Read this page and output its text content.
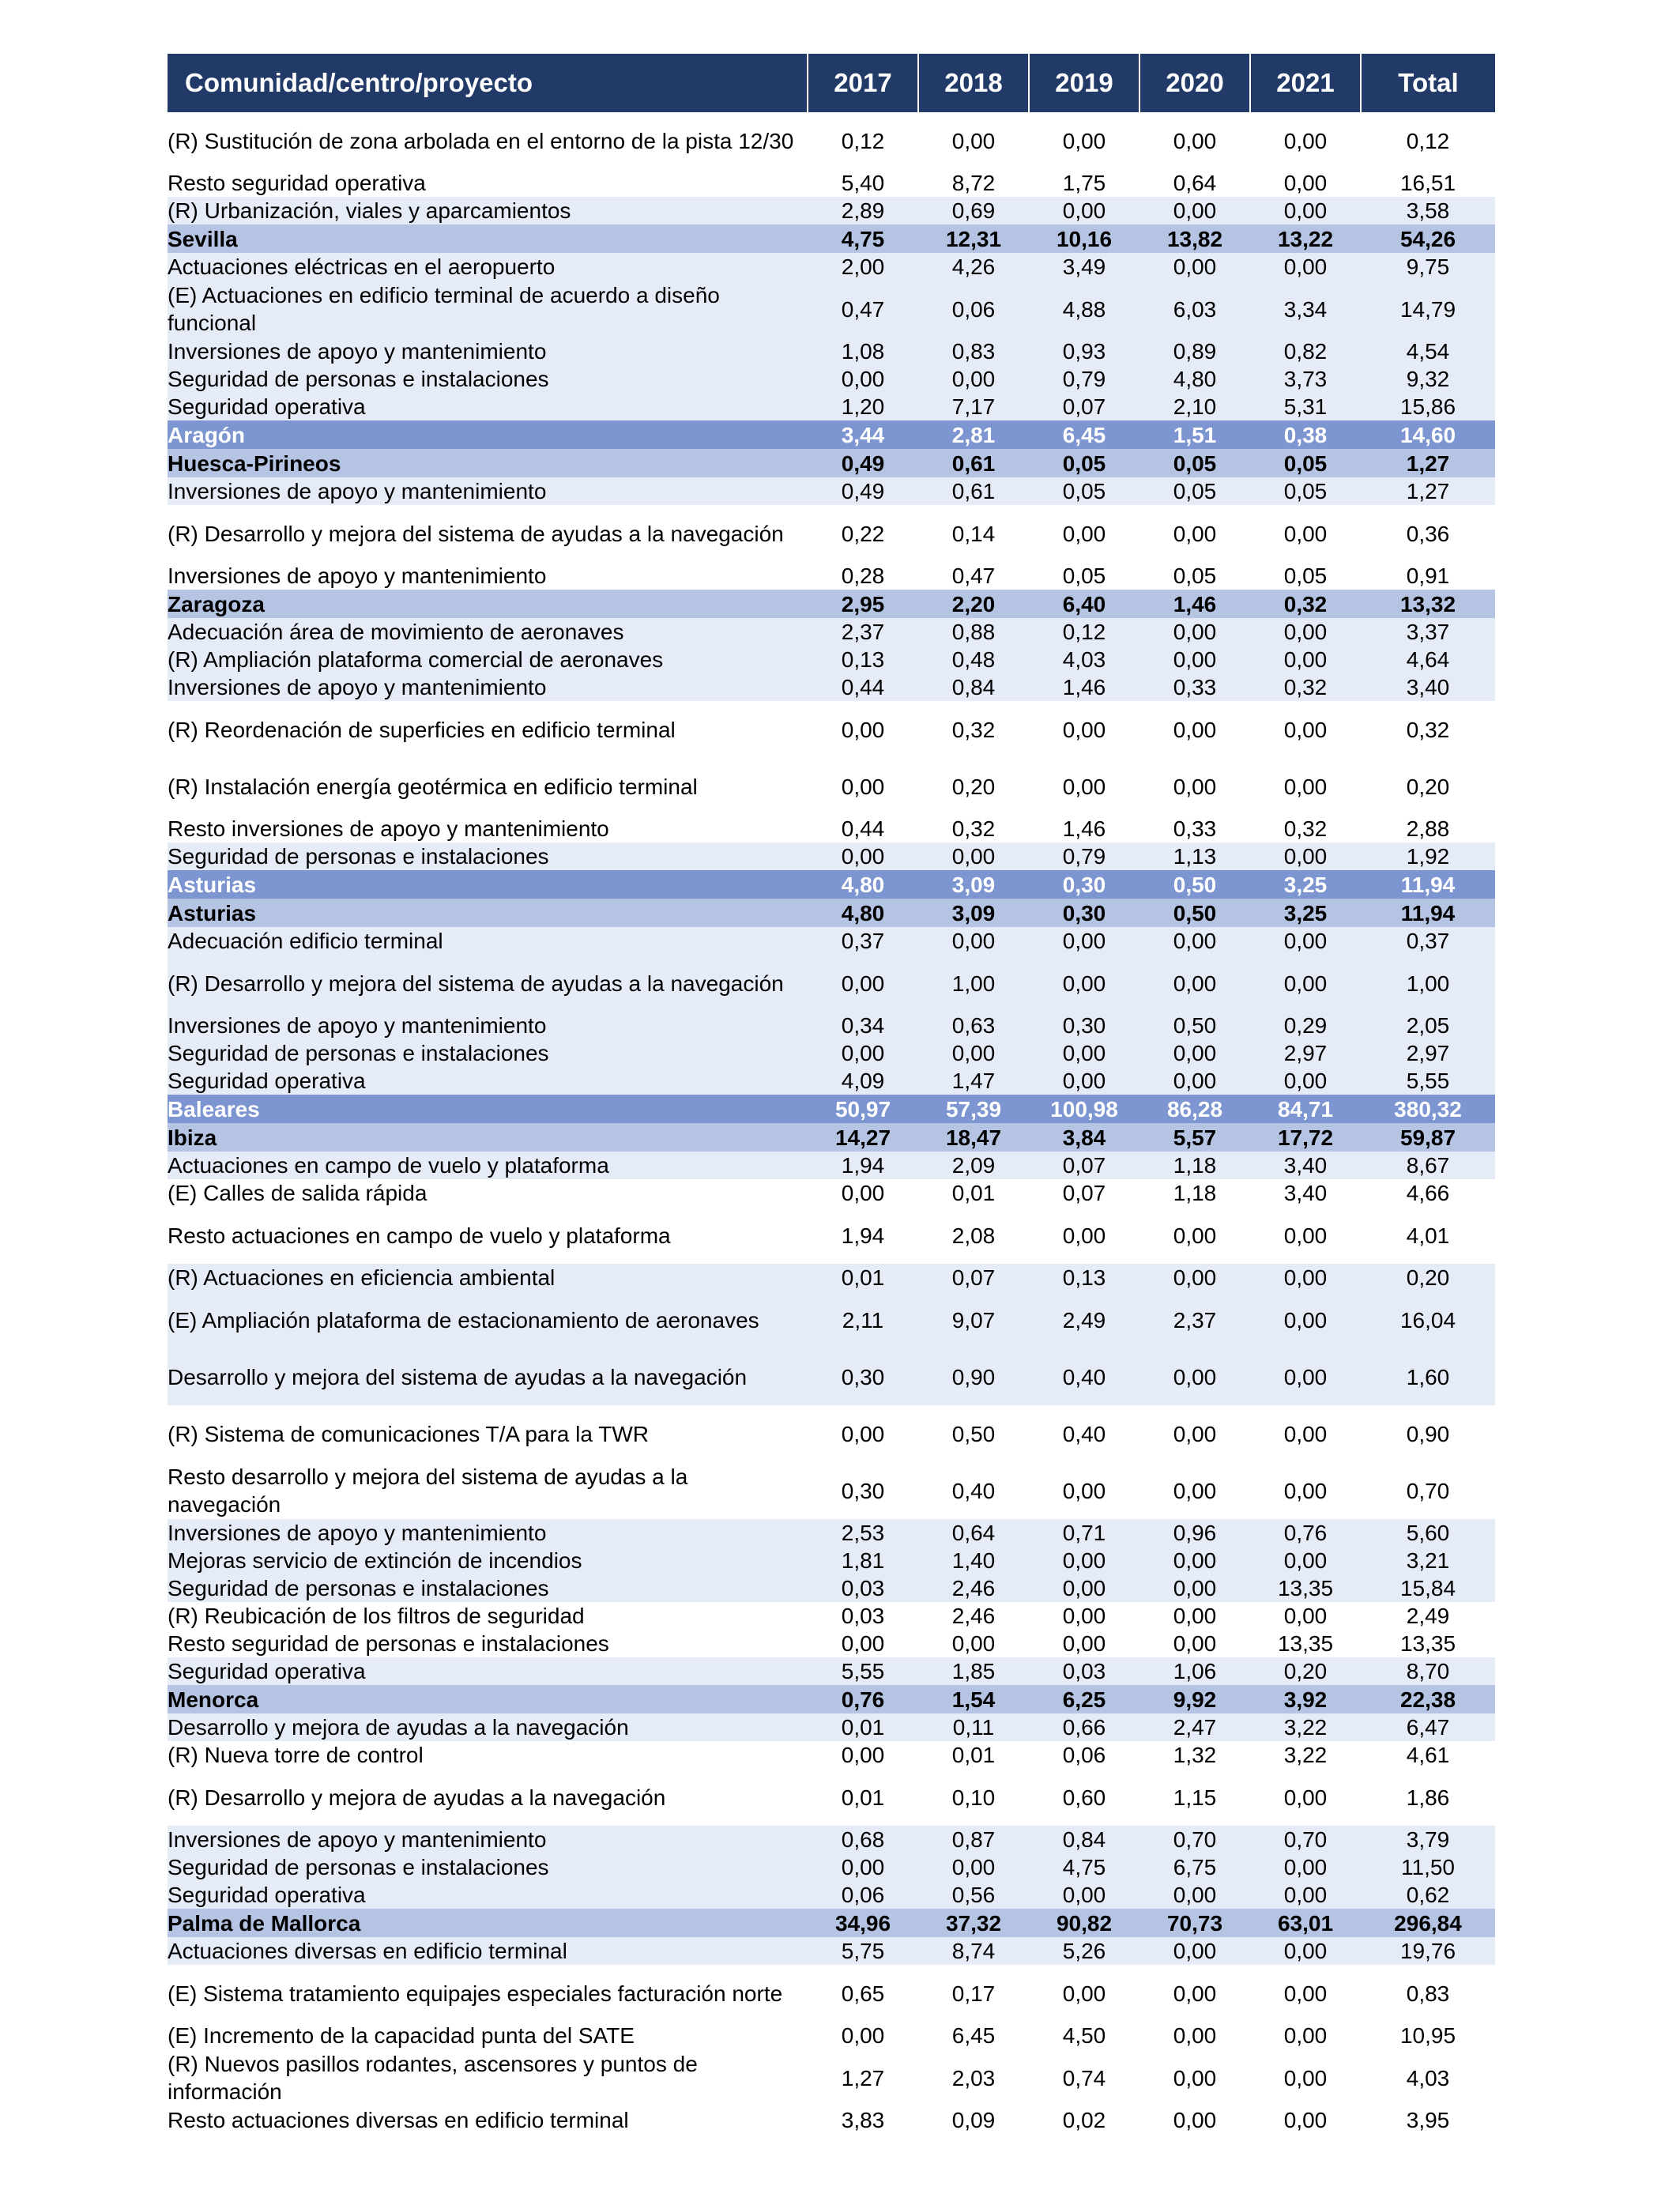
Comunidad/centro/proyecto	2017	2018	2019	2020	2021	Total
(R) Sustitución de zona arbolada en el entorno de la pista 12/30	0,12	0,00	0,00	0,00	0,00	0,12
Resto seguridad operativa	5,40	8,72	1,75	0,64	0,00	16,51
(R) Urbanización, viales y aparcamientos	2,89	0,69	0,00	0,00	0,00	3,58
Sevilla	4,75	12,31	10,16	13,82	13,22	54,26
Actuaciones eléctricas en el aeropuerto	2,00	4,26	3,49	0,00	0,00	9,75
(E) Actuaciones en edificio terminal de acuerdo a diseño funcional	0,47	0,06	4,88	6,03	3,34	14,79
Inversiones de apoyo y mantenimiento	1,08	0,83	0,93	0,89	0,82	4,54
Seguridad de personas e instalaciones	0,00	0,00	0,79	4,80	3,73	9,32
Seguridad operativa	1,20	7,17	0,07	2,10	5,31	15,86
Aragón	3,44	2,81	6,45	1,51	0,38	14,60
Huesca-Pirineos	0,49	0,61	0,05	0,05	0,05	1,27
Inversiones de apoyo y mantenimiento	0,49	0,61	0,05	0,05	0,05	1,27
(R) Desarrollo y mejora del sistema de ayudas a la navegación	0,22	0,14	0,00	0,00	0,00	0,36
Inversiones de apoyo y mantenimiento	0,28	0,47	0,05	0,05	0,05	0,91
Zaragoza	2,95	2,20	6,40	1,46	0,32	13,32
Adecuación área de movimiento de aeronaves	2,37	0,88	0,12	0,00	0,00	3,37
(R) Ampliación plataforma comercial de aeronaves	0,13	0,48	4,03	0,00	0,00	4,64
Inversiones de apoyo y mantenimiento	0,44	0,84	1,46	0,33	0,32	3,40
(R) Reordenación de superficies en edificio terminal	0,00	0,32	0,00	0,00	0,00	0,32
(R) Instalación energía geotérmica en edificio terminal	0,00	0,20	0,00	0,00	0,00	0,20
Resto inversiones de apoyo y mantenimiento	0,44	0,32	1,46	0,33	0,32	2,88
Seguridad de personas e instalaciones	0,00	0,00	0,79	1,13	0,00	1,92
Asturias	4,80	3,09	0,30	0,50	3,25	11,94
Asturias	4,80	3,09	0,30	0,50	3,25	11,94
Adecuación edificio terminal	0,37	0,00	0,00	0,00	0,00	0,37
(R) Desarrollo y mejora del sistema de ayudas a la navegación	0,00	1,00	0,00	0,00	0,00	1,00
Inversiones de apoyo y mantenimiento	0,34	0,63	0,30	0,50	0,29	2,05
Seguridad de personas e instalaciones	0,00	0,00	0,00	0,00	2,97	2,97
Seguridad operativa	4,09	1,47	0,00	0,00	0,00	5,55
Baleares	50,97	57,39	100,98	86,28	84,71	380,32
Ibiza	14,27	18,47	3,84	5,57	17,72	59,87
Actuaciones en campo de vuelo y plataforma	1,94	2,09	0,07	1,18	3,40	8,67
(E) Calles de salida rápida	0,00	0,01	0,07	1,18	3,40	4,66
Resto actuaciones en campo de vuelo y plataforma	1,94	2,08	0,00	0,00	0,00	4,01
(R) Actuaciones en eficiencia ambiental	0,01	0,07	0,13	0,00	0,00	0,20
(E) Ampliación plataforma de estacionamiento de aeronaves	2,11	9,07	2,49	2,37	0,00	16,04
Desarrollo y mejora del sistema de ayudas a la navegación	0,30	0,90	0,40	0,00	0,00	1,60
(R) Sistema de comunicaciones T/A para la TWR	0,00	0,50	0,40	0,00	0,00	0,90
Resto desarrollo y mejora del sistema de ayudas a la navegación	0,30	0,40	0,00	0,00	0,00	0,70
Inversiones de apoyo y mantenimiento	2,53	0,64	0,71	0,96	0,76	5,60
Mejoras servicio de extinción de incendios	1,81	1,40	0,00	0,00	0,00	3,21
Seguridad de personas e instalaciones	0,03	2,46	0,00	0,00	13,35	15,84
(R) Reubicación de los filtros de seguridad	0,03	2,46	0,00	0,00	0,00	2,49
Resto seguridad de personas e instalaciones	0,00	0,00	0,00	0,00	13,35	13,35
Seguridad operativa	5,55	1,85	0,03	1,06	0,20	8,70
Menorca	0,76	1,54	6,25	9,92	3,92	22,38
Desarrollo y mejora de ayudas a la navegación	0,01	0,11	0,66	2,47	3,22	6,47
(R) Nueva torre de control	0,00	0,01	0,06	1,32	3,22	4,61
(R) Desarrollo y mejora de ayudas a la navegación	0,01	0,10	0,60	1,15	0,00	1,86
Inversiones de apoyo y mantenimiento	0,68	0,87	0,84	0,70	0,70	3,79
Seguridad de personas e instalaciones	0,00	0,00	4,75	6,75	0,00	11,50
Seguridad operativa	0,06	0,56	0,00	0,00	0,00	0,62
Palma de Mallorca	34,96	37,32	90,82	70,73	63,01	296,84
Actuaciones diversas en edificio terminal	5,75	8,74	5,26	0,00	0,00	19,76
(E) Sistema tratamiento equipajes especiales facturación norte	0,65	0,17	0,00	0,00	0,00	0,83
(E) Incremento de la capacidad punta del SATE	0,00	6,45	4,50	0,00	0,00	10,95
(R) Nuevos pasillos rodantes, ascensores y puntos de información	1,27	2,03	0,74	0,00	0,00	4,03
Resto actuaciones diversas en edificio terminal	3,83	0,09	0,02	0,00	0,00	3,95
